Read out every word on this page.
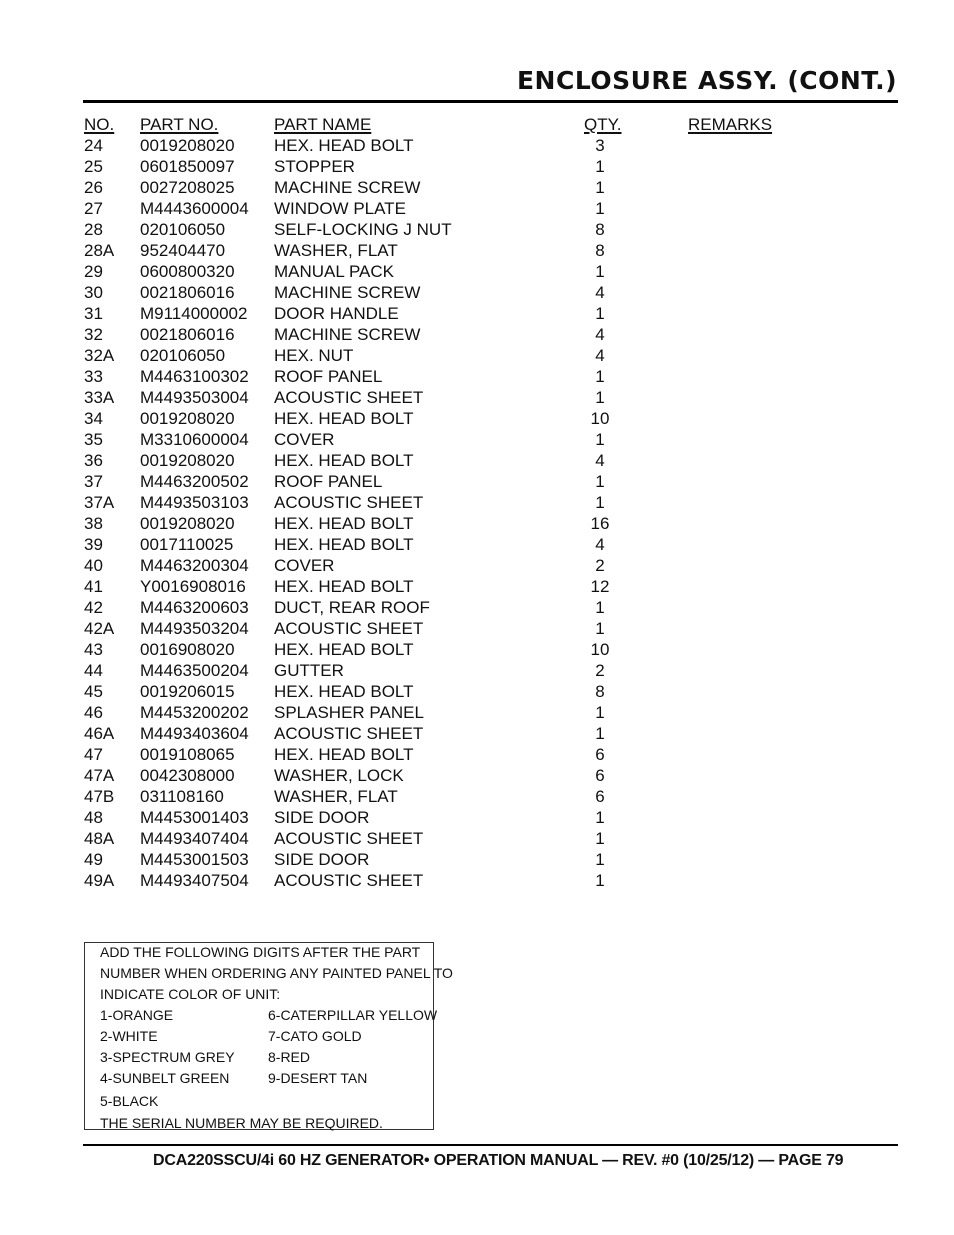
ENCLOSURE ASSY. (CONT.)
NO. PART NO.	PART NAME	QTY.	REMARKS
24 0019208020 HEX. HEAD BOLT	3
25 0601850097 STOPPER	1
26 0027208025 MACHINE SCREW	1
27 M4443600004 WINDOW PLATE	1
28 020106050	SELF-LOCKING J NUT	8
28A 952404470	WASHER, FLAT	8
29 0600800320 MANUAL PACK	1
30 0021806016 MACHINE SCREW	4
31 M9114000002 DOOR HANDLE	1
32 0021806016 MACHINE SCREW	4
32A 020106050	HEX. NUT	4
33 M4463100302 ROOF PANEL	1
33A M4493503004 ACOUSTIC SHEET	1
34 0019208020 HEX. HEAD BOLT	10
35 M3310600004 COVER	1
36 0019208020 HEX. HEAD BOLT	4
37 M4463200502 ROOF PANEL	1
37A M4493503103 ACOUSTIC SHEET	1
38 0019208020 HEX. HEAD BOLT	16
39 0017110025 HEX. HEAD BOLT	4
40 M4463200304 COVER	2
41 Y0016908016 HEX. HEAD BOLT	12
42 M4463200603 DUCT, REAR ROOF	1
42A M4493503204 ACOUSTIC SHEET	1
43 0016908020 HEX. HEAD BOLT	10
44 M4463500204 GUTTER	2
45 0019206015 HEX. HEAD BOLT	8
46 M4453200202 SPLASHER PANEL	1
46A M4493403604 ACOUSTIC SHEET	1
47 0019108065 HEX. HEAD BOLT	6
47A 0042308000 WASHER, LOCK	6
47B 031108160	WASHER, FLAT	6
48 M4453001403 SIDE DOOR	1
48A M4493407404 ACOUSTIC SHEET	1
49 M4453001503 SIDE DOOR	1
49A M4493407504 ACOUSTIC SHEET	1
ADD THE FOLLOWING DIGITS AFTER THE PART
NUMBER WHEN ORDERING ANY PAINTED PANEL TO
INDICATE COLOR OF UNIT:
1-ORANGE	6-CATERPILLAR YELLOW
2-WHITE	7-CATO GOLD
3-SPECTRUM GREY 8-RED
4-SUNBELT GREEN	9-DESERT TAN
5-BLACK
THE SERIAL NUMBER MAY BE REQUIRED.
DCA220SSCU/4i 60 HZ GENERATOR• OPERATION MANUAL — REV. #0 (10/25/12) — PAGE 79
